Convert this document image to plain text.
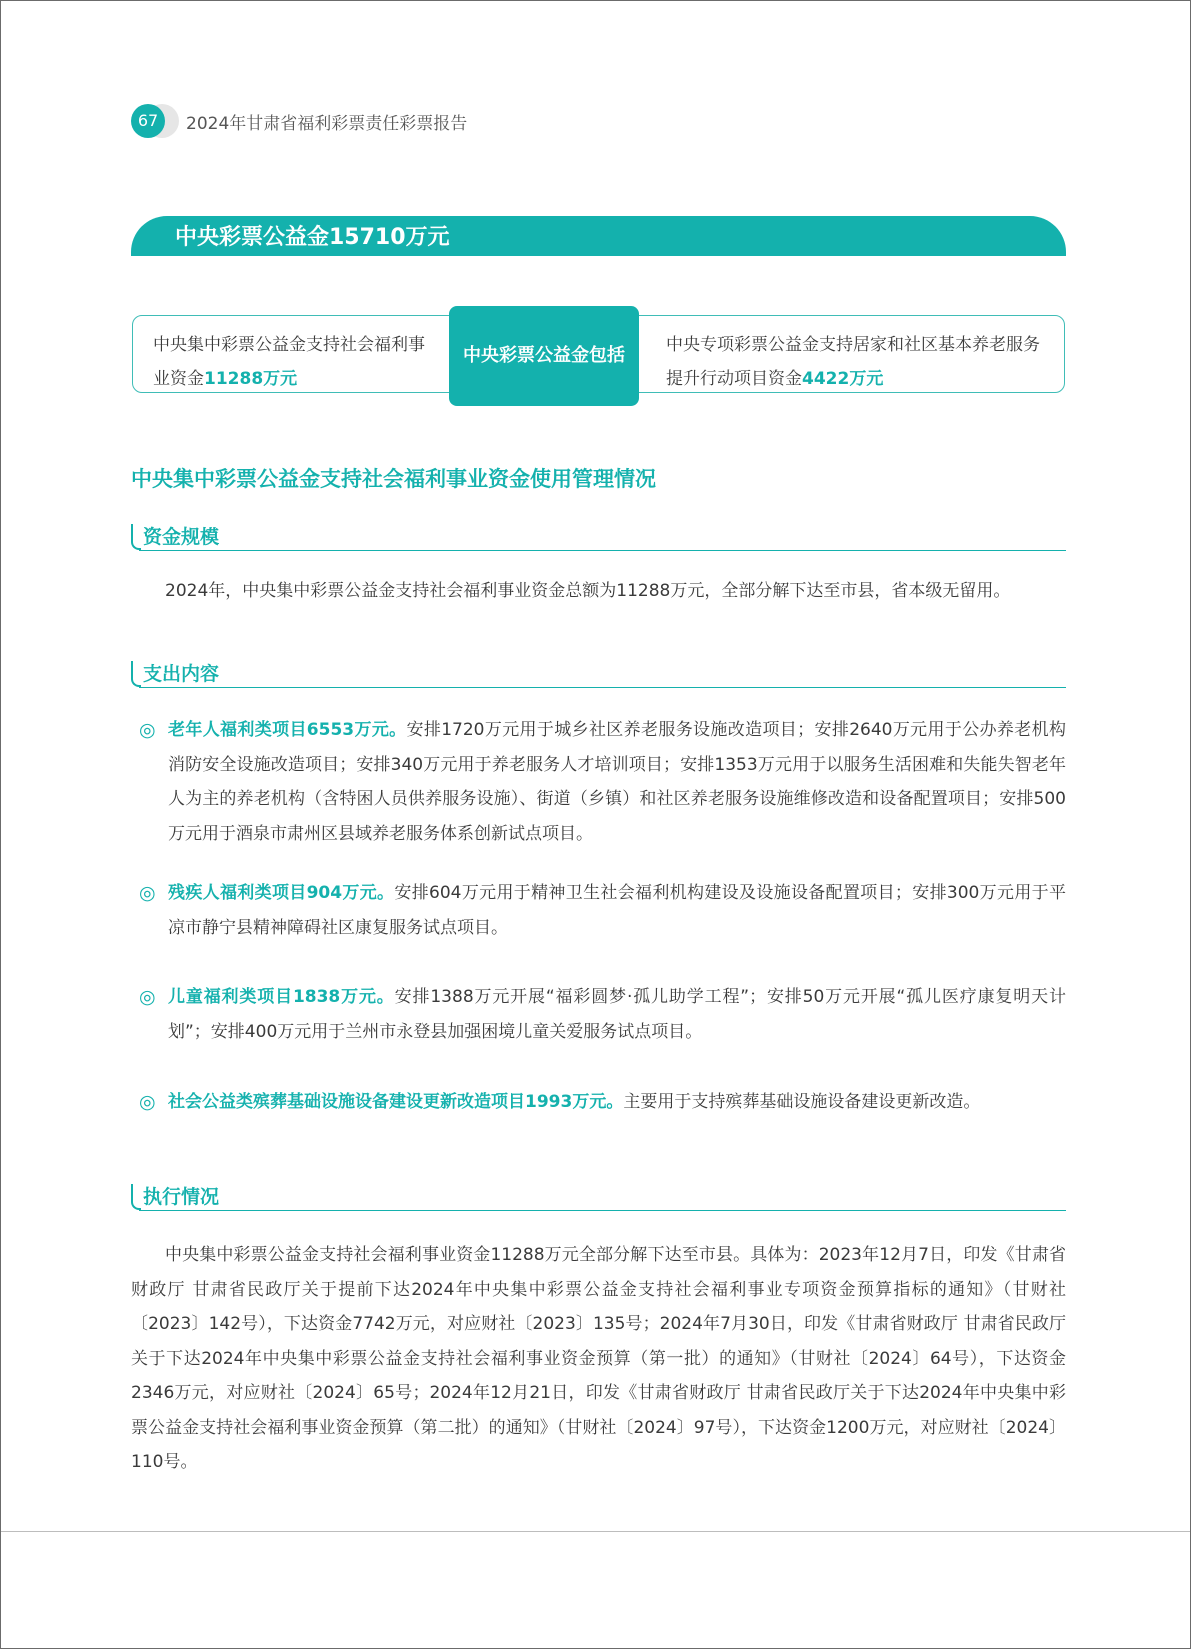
67	2024年甘肃省福利彩票责任彩票报告
中央彩票公益金15710万元
中央集中彩票公益金支持社会福利事业资金11288万元
中央专项彩票公益金支持居家和社区基本养老服务提升行动项目资金4422万元
中央彩票公益金包括
中央集中彩票公益金支持社会福利事业资金使用管理情况
资金规模
2024年，中央集中彩票公益金支持社会福利事业资金总额为11288万元，全部分解下达至市县，省本级无留用。
支出内容
◎ 老年人福利类项目6553万元。安排1720万元用于城乡社区养老服务设施改造项目；安排2640万元用于公办养老机构消防安全设施改造项目；安排340万元用于养老服务人才培训项目；安排1353万元用于以服务生活困难和失能失智老年人为主的养老机构（含特困人员供养服务设施）、街道（乡镇）和社区养老服务设施维修改造和设备配置项目；安排500万元用于酒泉市肃州区县域养老服务体系创新试点项目。
◎ 残疾人福利类项目904万元。安排604万元用于精神卫生社会福利机构建设及设施设备配置项目；安排300万元用于平凉市静宁县精神障碍社区康复服务试点项目。
◎ 儿童福利类项目1838万元。安排1388万元开展“福彩圆梦·孤儿助学工程”；安排50万元开展“孤儿医疗康复明天计划”；安排400万元用于兰州市永登县加强困境儿童关爱服务试点项目。
◎ 社会公益类殡葬基础设施设备建设更新改造项目1993万元。主要用于支持殡葬基础设施设备建设更新改造。
执行情况
中央集中彩票公益金支持社会福利事业资金11288万元全部分解下达至市县。具体为：2023年12月7日，印发《甘肃省财政厅 甘肃省民政厅关于提前下达2024年中央集中彩票公益金支持社会福利事业专项资金预算指标的通知》（甘财社〔2023〕142号），下达资金7742万元，对应财社〔2023〕135号；2024年7月30日，印发《甘肃省财政厅 甘肃省民政厅关于下达2024年中央集中彩票公益金支持社会福利事业资金预算（第一批）的通知》（甘财社〔2024〕64号），下达资金2346万元，对应财社〔2024〕65号；2024年12月21日，印发《甘肃省财政厅 甘肃省民政厅关于下达2024年中央集中彩票公益金支持社会福利事业资金预算（第二批）的通知》（甘财社〔2024〕97号），下达资金1200万元，对应财社〔2024〕110号。
